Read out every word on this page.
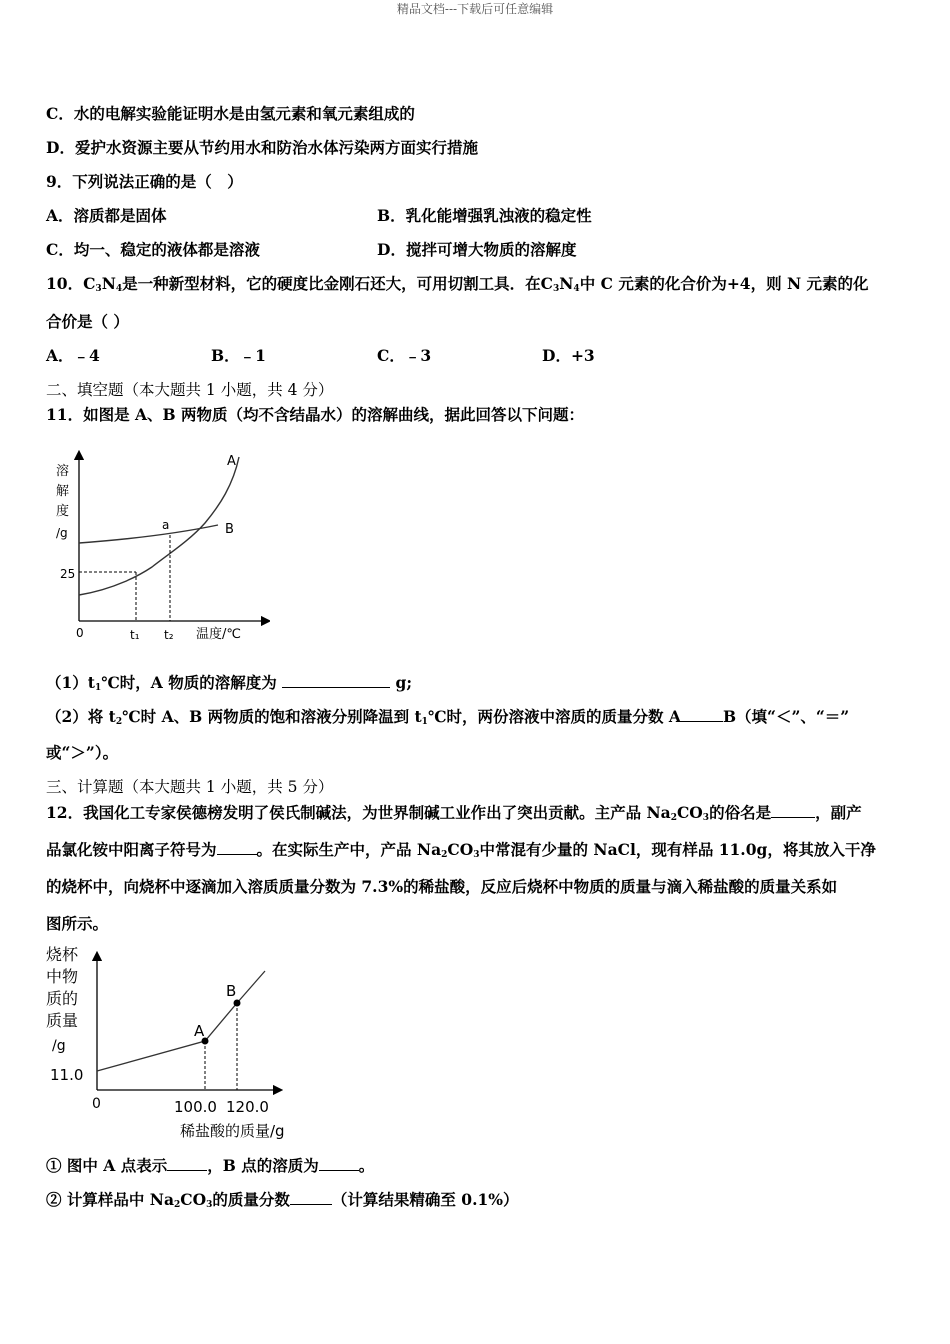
精品文档---下载后可任意编辑
C．水的电解实验能证明水是由氢元素和氧元素组成的
D．爱护水资源主要从节约用水和防治水体污染两方面实行措施
9．下列说法正确的是（　）
A．溶质都是固体	B．乳化能增强乳浊液的稳定性
C．均一、稳定的液体都是溶液	D．搅拌可增大物质的溶解度
10．$C_3N_4$是一种新型材料，它的硬度比金刚石还大，可用切割工具．在$C_3N_4$中 C 元素的化合价为+4，则 N 元素的化
合价是（ ）
A．﹣4	B．﹣1	C．﹣3	D．+3
二、填空题（本大题共 1 小题，共 4 分）
11．如图是 A、B 两物质（均不含结晶水）的溶解曲线，据此回答以下问题：
溶
解
度
/g
25
0	t₁ t₂ 温度/℃
A
B
a
$(1)t_1℃$时，A 物质的溶解度为	g;
（2）将 $t_2℃$时 A、B 两物质的饱和溶液分别降温到 $t_1℃$时，两份溶液中溶质的质量分数 A	B（填“＜”、“＝”
或“＞”）。
三、计算题（本大题共 1 小题，共 5 分）
12．我国化工专家侯德榜发明了侯氏制碱法，为世界制碱工业作出了突出贡献。主产品 $Na_2CO_3$的俗名是	，副产
品氯化铵中阳离子符号为	。在实际生产中，产品 $Na_2CO_3$中常混有少量的 NaCl，现有样品 11.0g，将其放入干净
的烧杯中，向烧杯中逐滴加入溶质质量分数为 7.3%的稀盐酸，反应后烧杯中物质的质量与滴入稀盐酸的质量关系如
图所示。
烧杯
中物
质的
质量
/g
11.0
0	100.0 120.0
稀盐酸的质量/g
A
B
① 图中 A 点表示	，B 点的溶质为	。
② 计算样品中 $Na_2CO_3$的质量分数	（计算结果精确至 0.1%）
